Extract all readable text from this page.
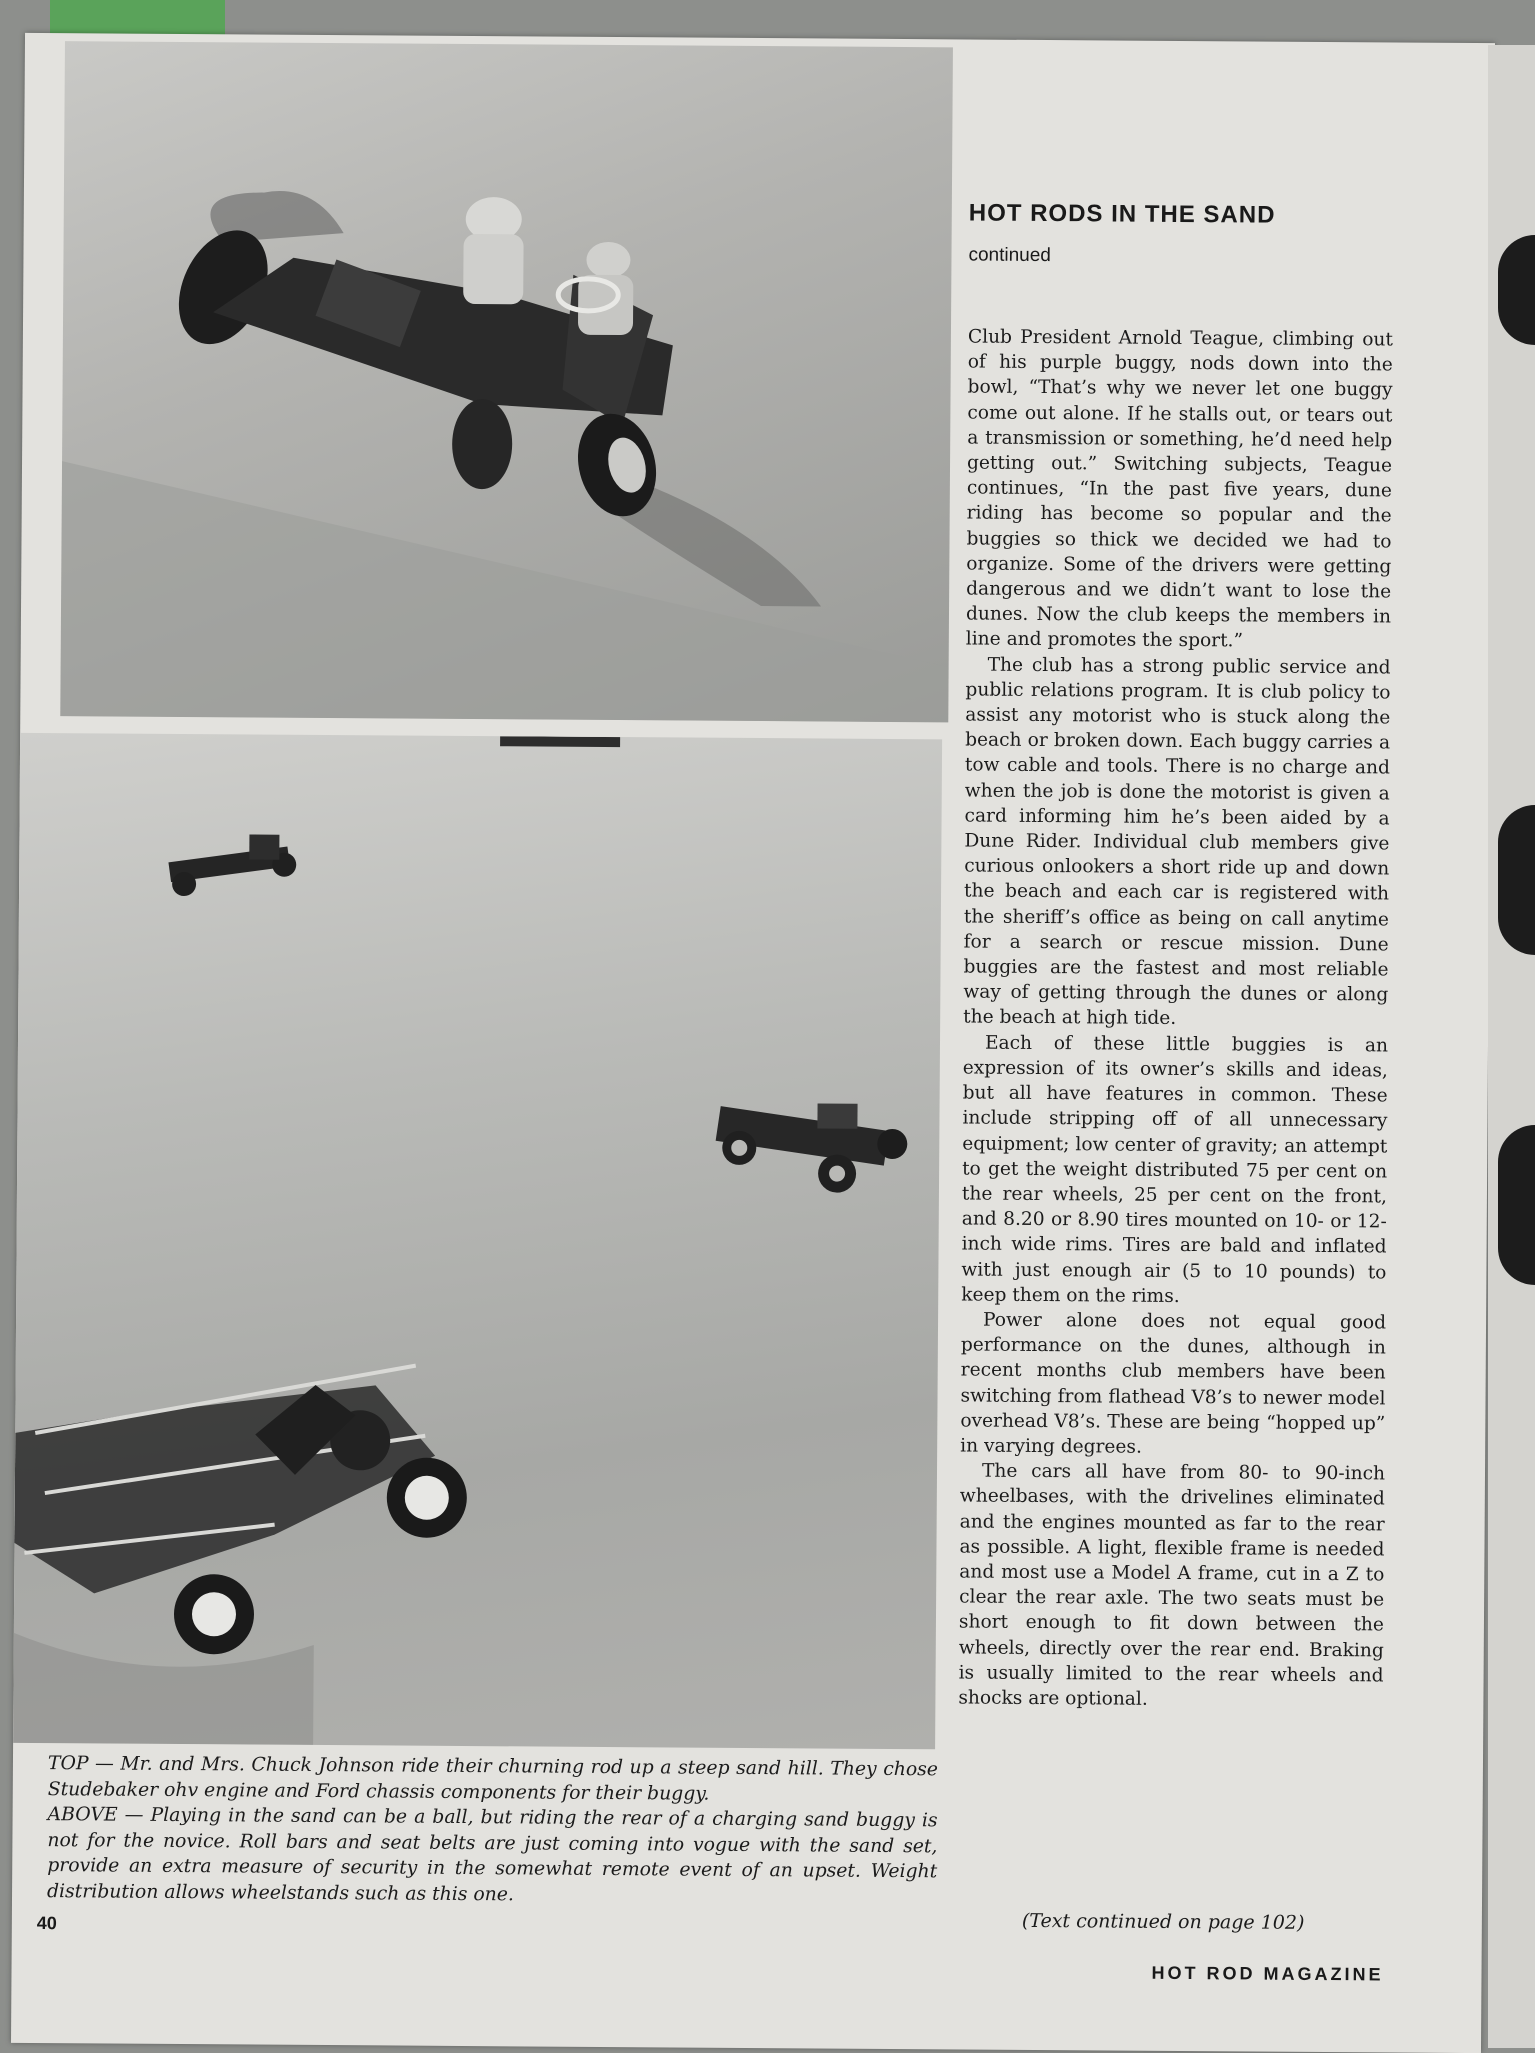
HOT RODS IN THE SAND
continued

Club President Arnold Teague, climbing out of his purple buggy, nods down into the bowl, “That’s why we never let one buggy come out alone. If he stalls out, or tears out a transmission or something, he’d need help getting out.” Switching subjects, Teague continues, “In the past five years, dune riding has become so popular and the buggies so thick we decided we had to organize. Some of the drivers were getting dangerous and we didn’t want to lose the dunes. Now the club keeps the members in line and promotes the sport.”

The club has a strong public service and public relations program. It is club policy to assist any motorist who is stuck along the beach or broken down. Each buggy carries a tow cable and tools. There is no charge and when the job is done the motorist is given a card informing him he’s been aided by a Dune Rider. Individual club members give curious onlookers a short ride up and down the beach and each car is registered with the sheriff’s office as being on call anytime for a search or rescue mission. Dune buggies are the fastest and most reliable way of getting through the dunes or along the beach at high tide.

Each of these little buggies is an expression of its owner’s skills and ideas, but all have features in common. These include stripping off of all unnecessary equipment; low center of gravity; an attempt to get the weight distributed 75 per cent on the rear wheels, 25 per cent on the front, and 8.20 or 8.90 tires mounted on 10- or 12-inch wide rims. Tires are bald and inflated with just enough air (5 to 10 pounds) to keep them on the rims.

Power alone does not equal good performance on the dunes, although in recent months club members have been switching from flathead V8’s to newer model overhead V8’s. These are being “hopped up” in varying degrees.

The cars all have from 80- to 90-inch wheelbases, with the drivelines eliminated and the engines mounted as far to the rear as possible. A light, flexible frame is needed and most use a Model A frame, cut in a Z to clear the rear axle. The two seats must be short enough to fit down between the wheels, directly over the rear end. Braking is usually limited to the rear wheels and shocks are optional.

(Text continued on page 102)

TOP — Mr. and Mrs. Chuck Johnson ride their churning rod up a steep sand hill. They chose Studebaker ohv engine and Ford chassis components for their buggy.

ABOVE — Playing in the sand can be a ball, but riding the rear of a charging sand buggy is not for the novice. Roll bars and seat belts are just coming into vogue with the sand set, provide an extra measure of security in the somewhat remote event of an upset. Weight distribution allows wheelstands such as this one.

40
HOT ROD MAGAZINE
